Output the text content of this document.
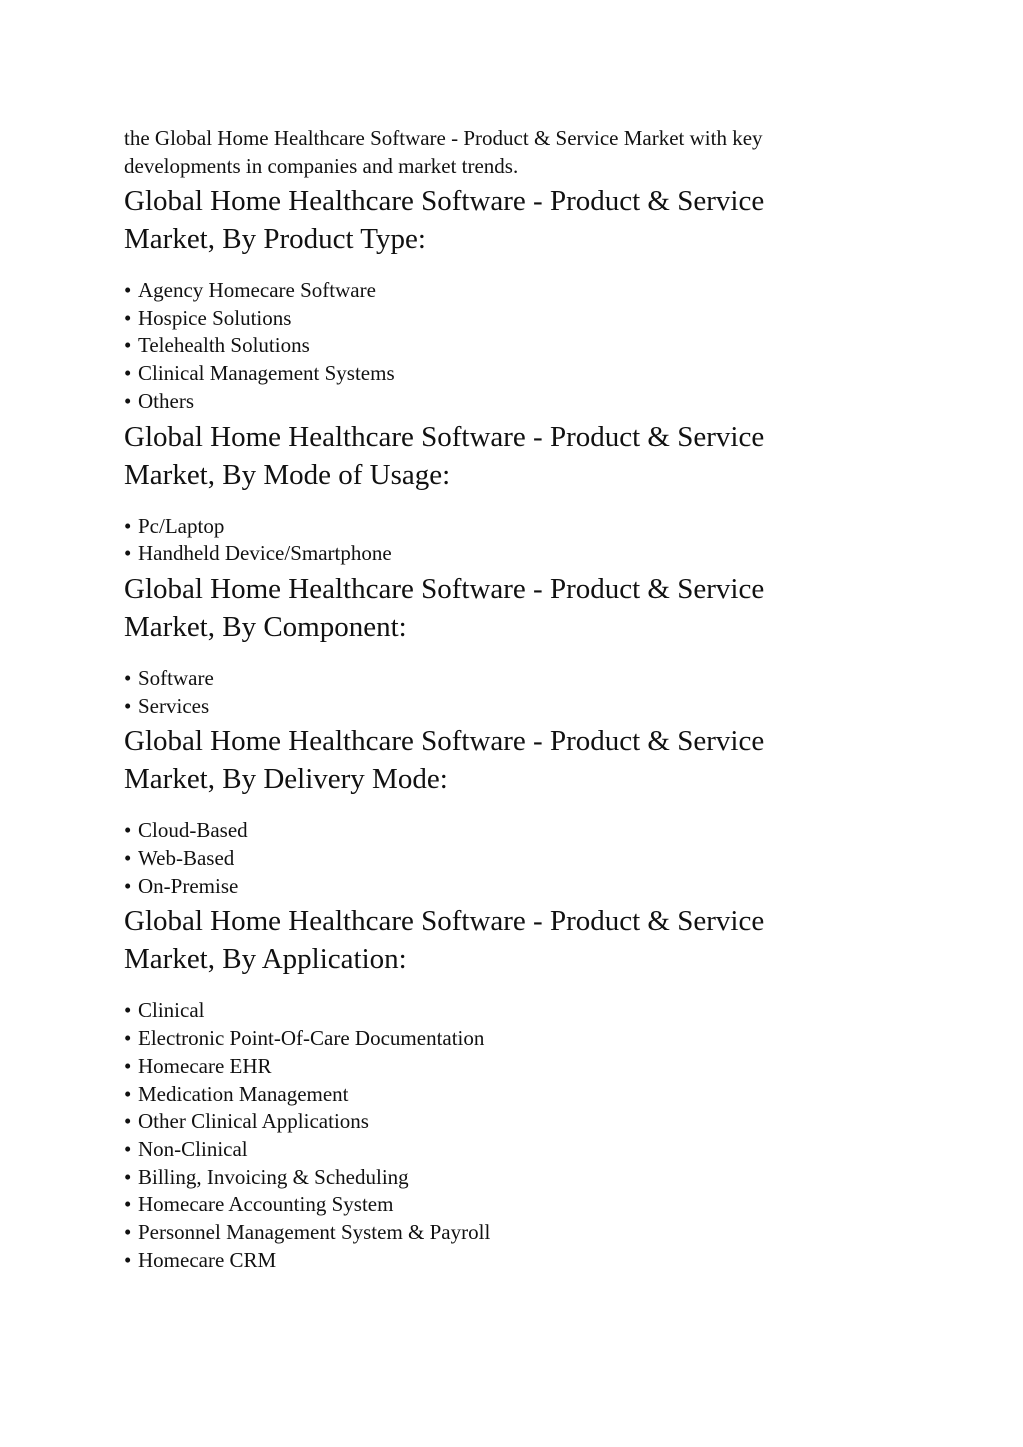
the Global Home Healthcare Software - Product & Service Market with key
developments in companies and market trends.

Global Home Healthcare Software - Product & Service
Market, By Product Type:
• Agency Homecare Software
• Hospice Solutions
• Telehealth Solutions
• Clinical Management Systems
• Others
Global Home Healthcare Software - Product & Service
Market, By Mode of Usage:
• Pc/Laptop
• Handheld Device/Smartphone
Global Home Healthcare Software - Product & Service
Market, By Component:
• Software
• Services
Global Home Healthcare Software - Product & Service
Market, By Delivery Mode:
• Cloud-Based
• Web-Based
• On-Premise
Global Home Healthcare Software - Product & Service
Market, By Application:
• Clinical
• Electronic Point-Of-Care Documentation
• Homecare EHR
• Medication Management
• Other Clinical Applications
• Non-Clinical
• Billing, Invoicing & Scheduling
• Homecare Accounting System
• Personnel Management System & Payroll
• Homecare CRM
